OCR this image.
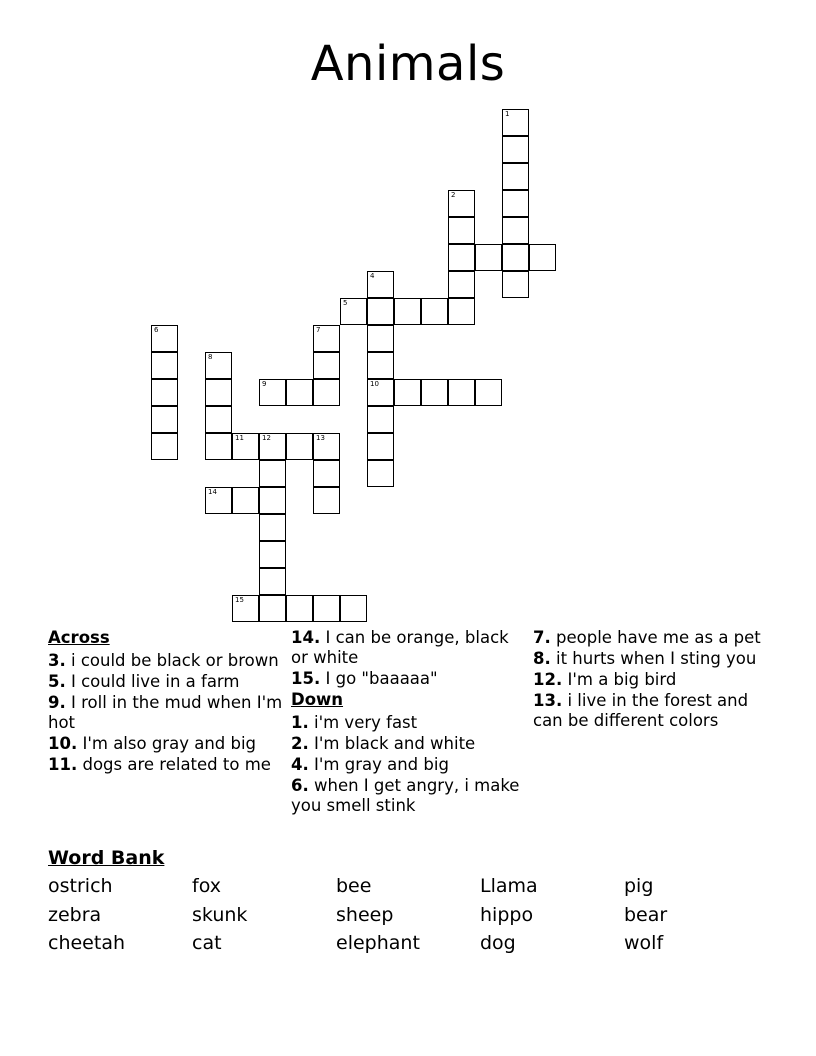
Animals
1
2
4
10
5
6	7
8
9
11	12	13
14
15
Across
3. i could be black or brown
5. I could live in a farm
9. I roll in the mud when I'm hot
10. I'm also gray and big
11. dogs are related to me
14. I can be orange, black or white
15. I go "baaaaa"
Down
1. i'm very fast
2. I'm black and white
4. I'm gray and big
6. when I get angry, i make you smell stink
7. people have me as a pet
8. it hurts when I sting you
12. I'm a big bird
13. i live in the forest and can be different colors
Word Bank
ostrich	fox	bee	Llama	pig
zebra	skunk	sheep	hippo	bear
cheetah	cat	elephant	dog	wolf
